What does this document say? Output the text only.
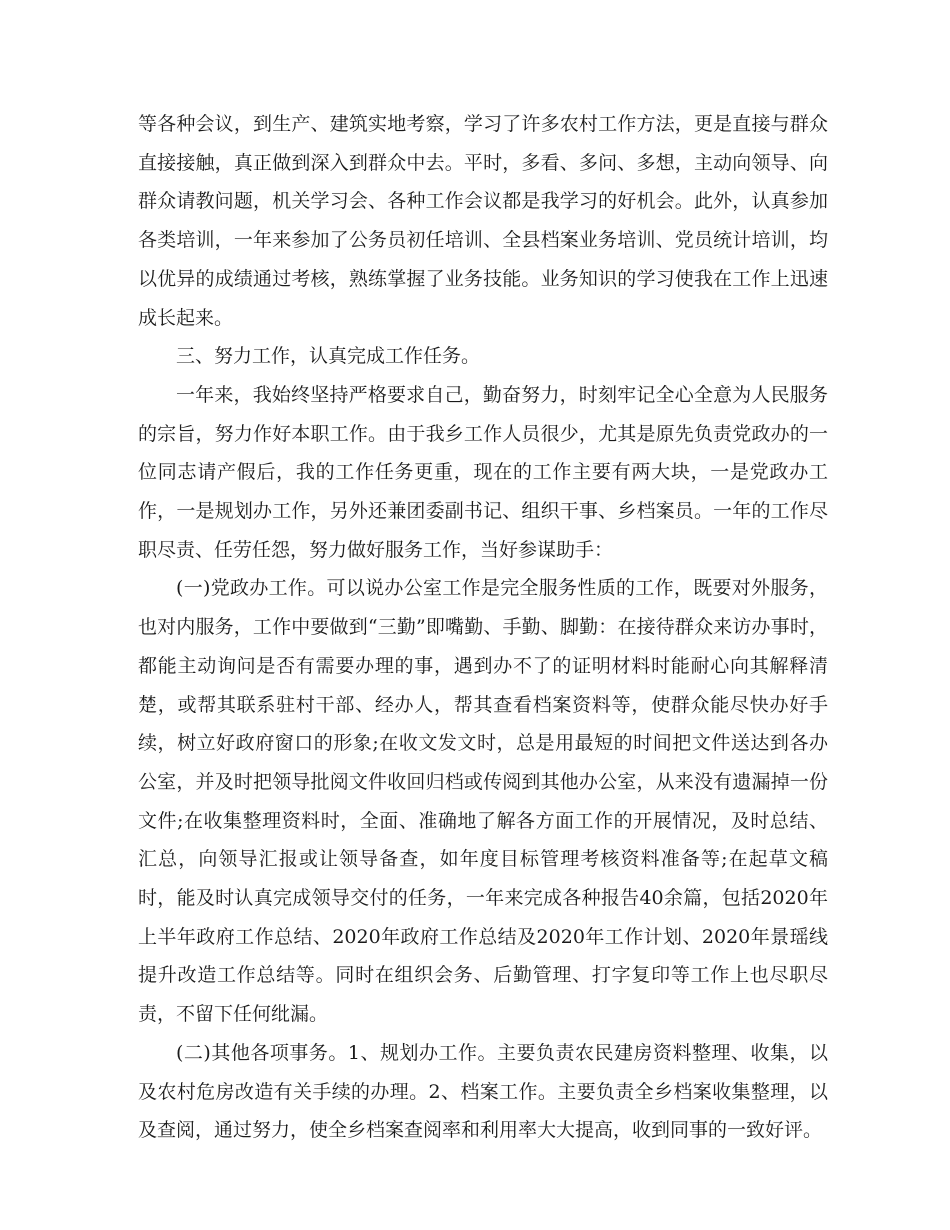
等各种会议，到生产、建筑实地考察，学习了许多农村工作方法，更是直接与群众直接接触，真正做到深入到群众中去。平时，多看、多问、多想，主动向领导、向群众请教问题，机关学习会、各种工作会议都是我学习的好机会。此外，认真参加各类培训，一年来参加了公务员初任培训、全县档案业务培训、党员统计培训，均以优异的成绩通过考核，熟练掌握了业务技能。业务知识的学习使我在工作上迅速成长起来。

三、努力工作，认真完成工作任务。

一年来，我始终坚持严格要求自己，勤奋努力，时刻牢记全心全意为人民服务的宗旨，努力作好本职工作。由于我乡工作人员很少，尤其是原先负责党政办的一位同志请产假后，我的工作任务更重，现在的工作主要有两大块，一是党政办工作，一是规划办工作，另外还兼团委副书记、组织干事、乡档案员。一年的工作尽职尽责、任劳任怨，努力做好服务工作，当好参谋助手：

(一)党政办工作。可以说办公室工作是完全服务性质的工作，既要对外服务，也对内服务，工作中要做到“三勤”即嘴勤、手勤、脚勤：在接待群众来访办事时，都能主动询问是否有需要办理的事，遇到办不了的证明材料时能耐心向其解释清楚，或帮其联系驻村干部、经办人，帮其查看档案资料等，使群众能尽快办好手续，树立好政府窗口的形象;在收文发文时，总是用最短的时间把文件送达到各办公室，并及时把领导批阅文件收回归档或传阅到其他办公室，从来没有遗漏掉一份文件;在收集整理资料时，全面、准确地了解各方面工作的开展情况，及时总结、汇总，向领导汇报或让领导备查，如年度目标管理考核资料准备等;在起草文稿时，能及时认真完成领导交付的任务，一年来完成各种报告40余篇，包括2020年上半年政府工作总结、2020年政府工作总结及2020年工作计划、2020年景瑶线提升改造工作总结等。同时在组织会务、后勤管理、打字复印等工作上也尽职尽责，不留下任何纰漏。

(二)其他各项事务。1、规划办工作。主要负责农民建房资料整理、收集，以及农村危房改造有关手续的办理。2、档案工作。主要负责全乡档案收集整理，以及查阅，通过努力，使全乡档案查阅率和利用率大大提高，收到同事的一致好评。
